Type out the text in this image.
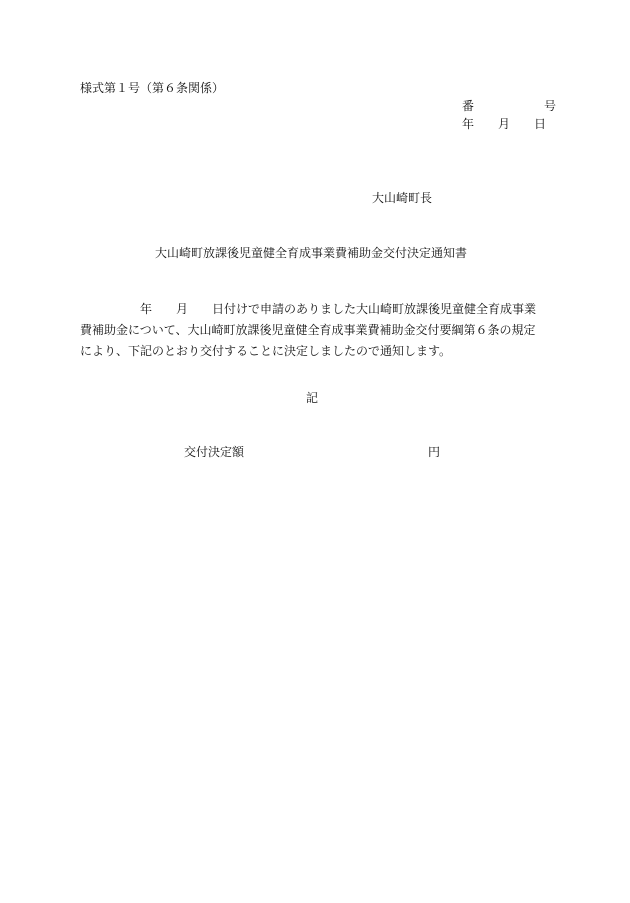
様式第１号（第６条関係）
番	号
年 月 日
大山崎町長
大山崎町放課後児童健全育成事業費補助金交付決定通知書
年 月 日付けで申請のありました大山崎町放課後児童健全育成事業
費補助金について、大山崎町放課後児童健全育成事業費補助金交付要綱第６条の規定
により、下記のとおり交付することに決定しましたので通知します。
記
交付決定額	円
